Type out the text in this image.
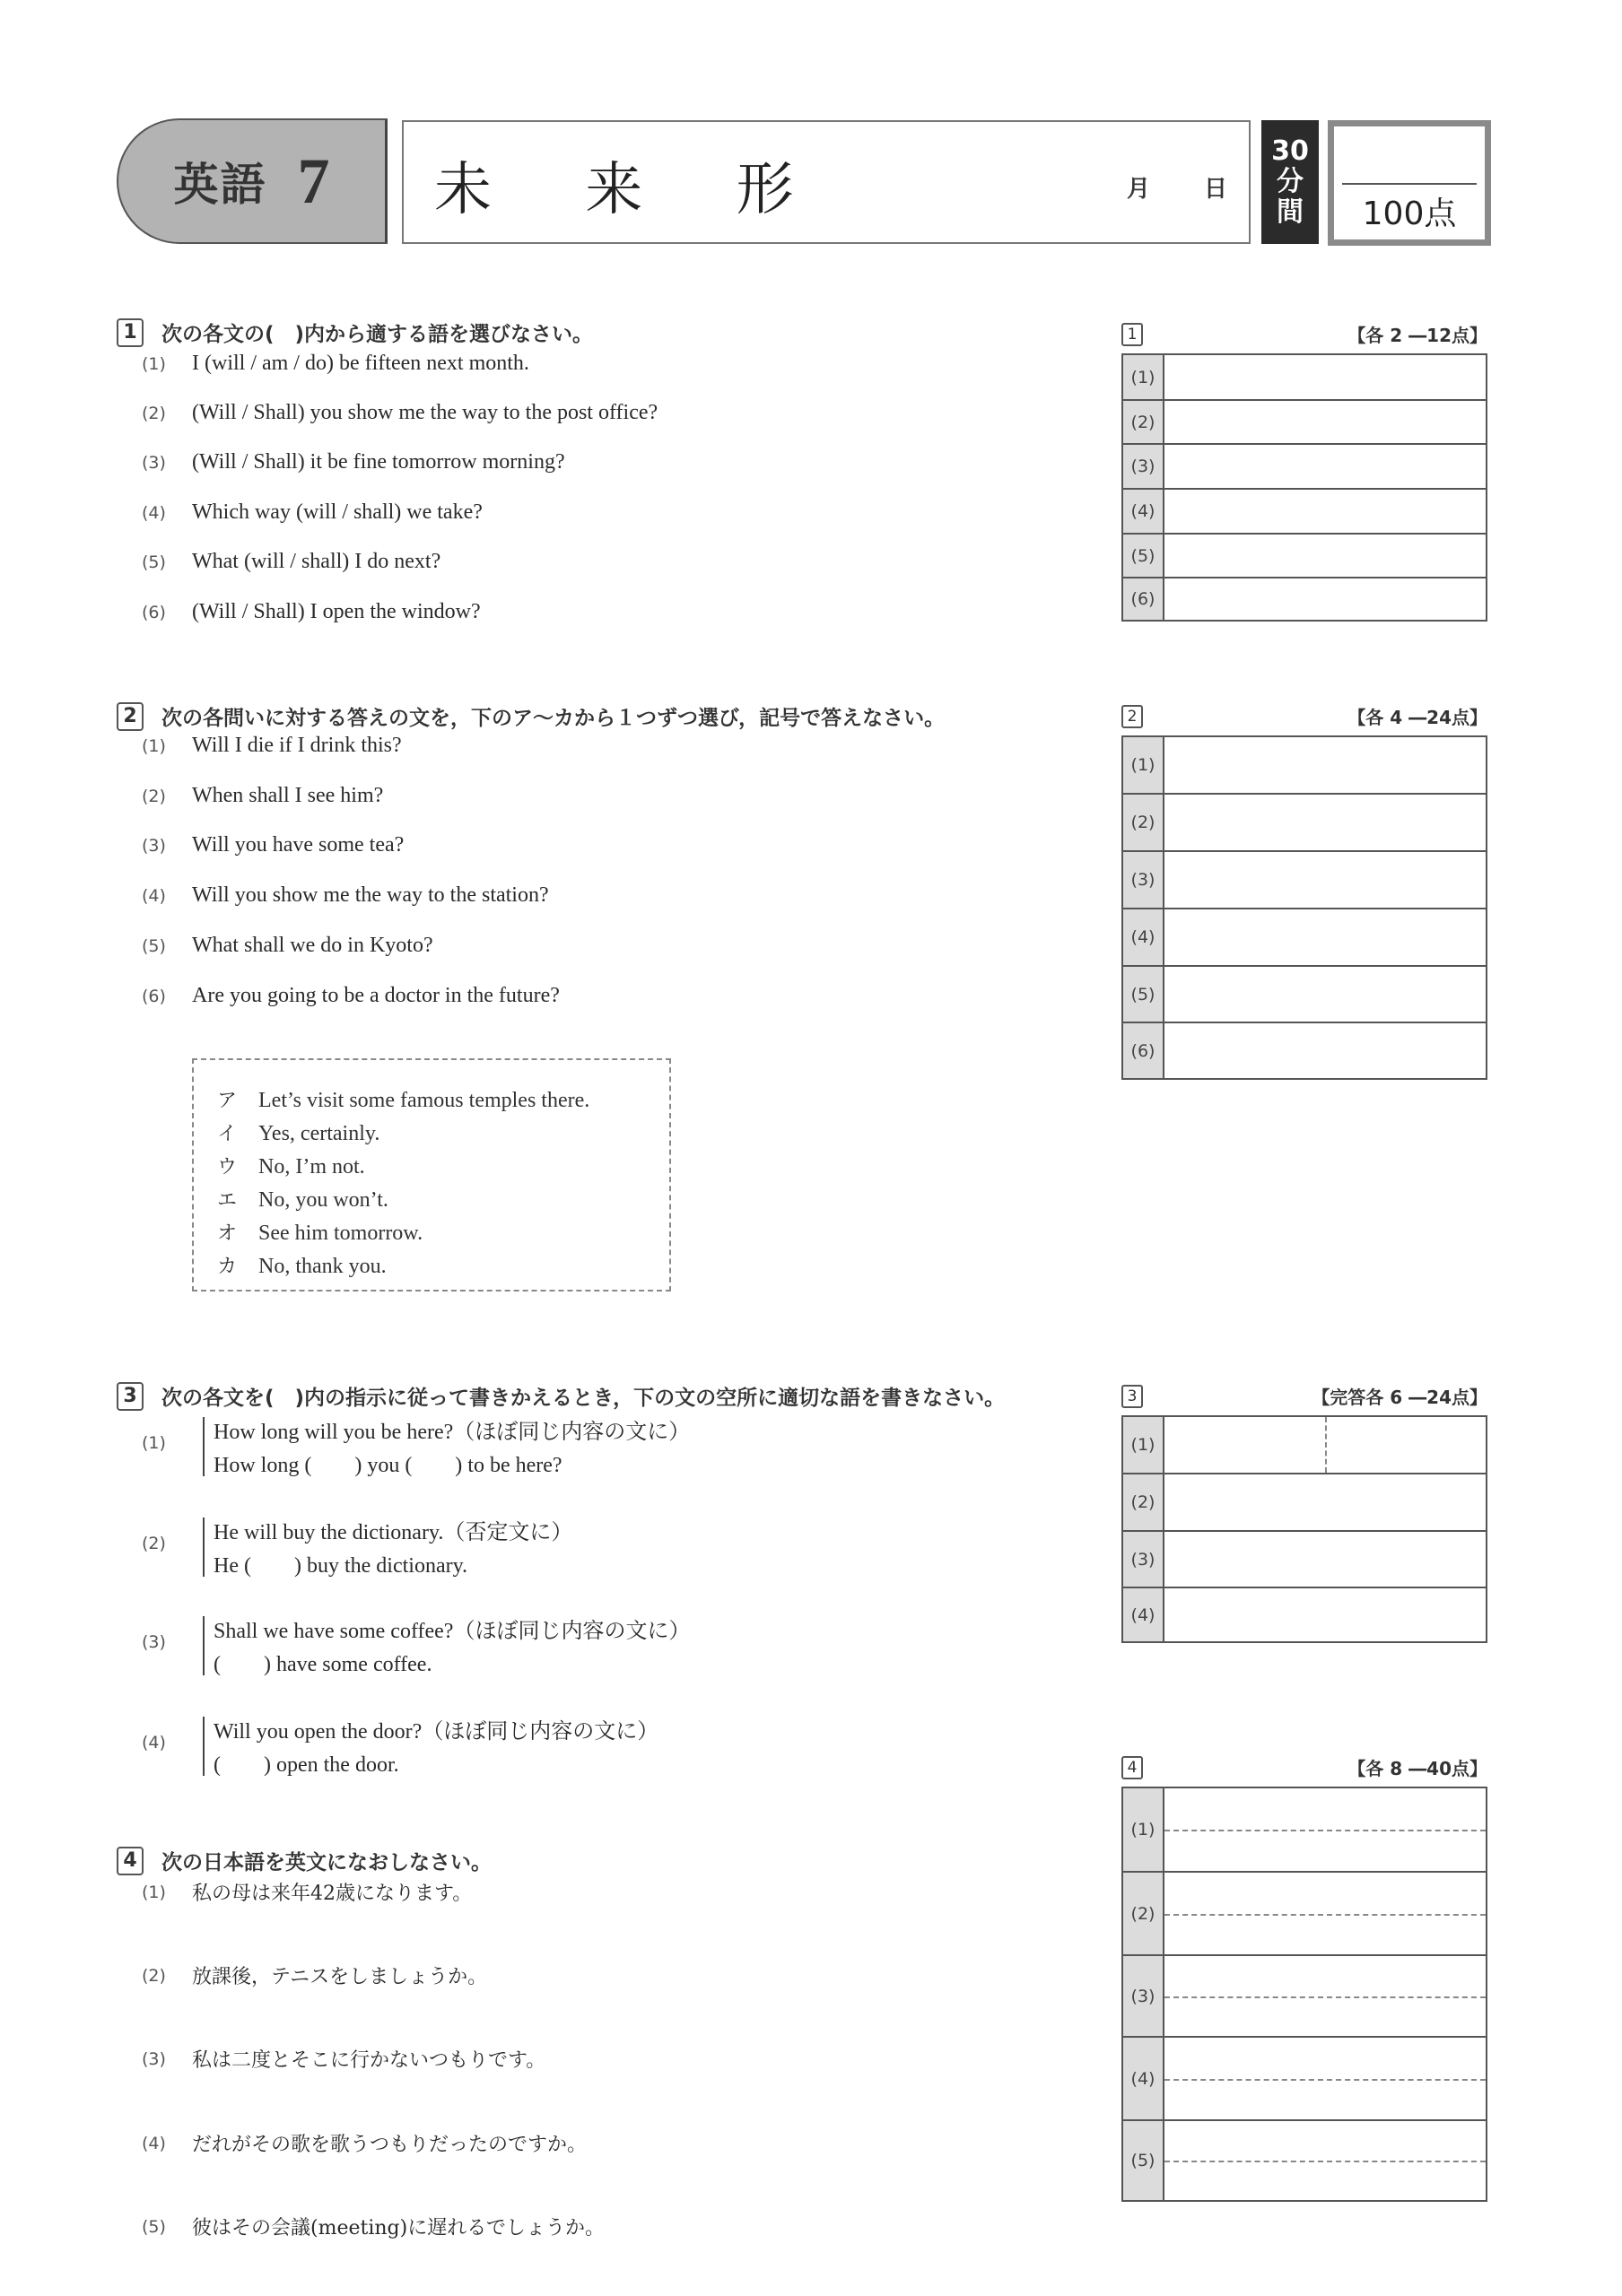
英語 7 未 来 形	月 日
30
分
間	100点
1	次の各文の(　)内から適する語を選びなさい。
(1)	I (will / am / do) be fifteen next month.
(2)	(Will / Shall) you show me the way to the post office?
(3)	(Will / Shall) it be fine tomorrow morning?
(4)	Which way (will / shall) we take?
(5)	What (will / shall) I do next?
(6)	(Will / Shall) I open the window?
1	【各 2 ―12点】
(1)
(2)
(3)
(4)
(5)
(6)
2	次の各問いに対する答えの文を，下のア～カから１つずつ選び，記号で答えなさい。
(1)	Will I die if I drink this?
(2)	When shall I see him?
(3)	Will you have some tea?
(4)	Will you show me the way to the station?
(5)	What shall we do in Kyoto?
(6)	Are you going to be a doctor in the future?
ア Let’s visit some famous temples there.
イ Yes, certainly.
ウ No, I’m not.
エ No, you won’t.
オ See him tomorrow.
カ No, thank you.
2	【各 4 ―24点】
(1)
(2)
(3)
(4)
(5)
(6)
3	次の各文を(　)内の指示に従って書きかえるとき，下の文の空所に適切な語を書きなさい。
(1)	How long will you be here?（ほぼ同じ内容の文に）
How long (　　) you (　　) to be here?
(2)	He will buy the dictionary.（否定文に）
He (　　) buy the dictionary.
(3)	Shall we have some coffee?（ほぼ同じ内容の文に）
(　　) have some coffee.
(4)	Will you open the door?（ほぼ同じ内容の文に）
(　　) open the door.
3	【完答各 6 ―24点】
(1)
(2)
(3)
(4)
4	次の日本語を英文になおしなさい。
(1)	私の母は来年42歳になります。
(2)	放課後，テニスをしましょうか。
(3)	私は二度とそこに行かないつもりです。
(4)	だれがその歌を歌うつもりだったのですか。
(5)	彼はその会議(meeting)に遅れるでしょうか。
4	【各 8 ―40点】
(1)
(2)
(3)
(4)
(5)
